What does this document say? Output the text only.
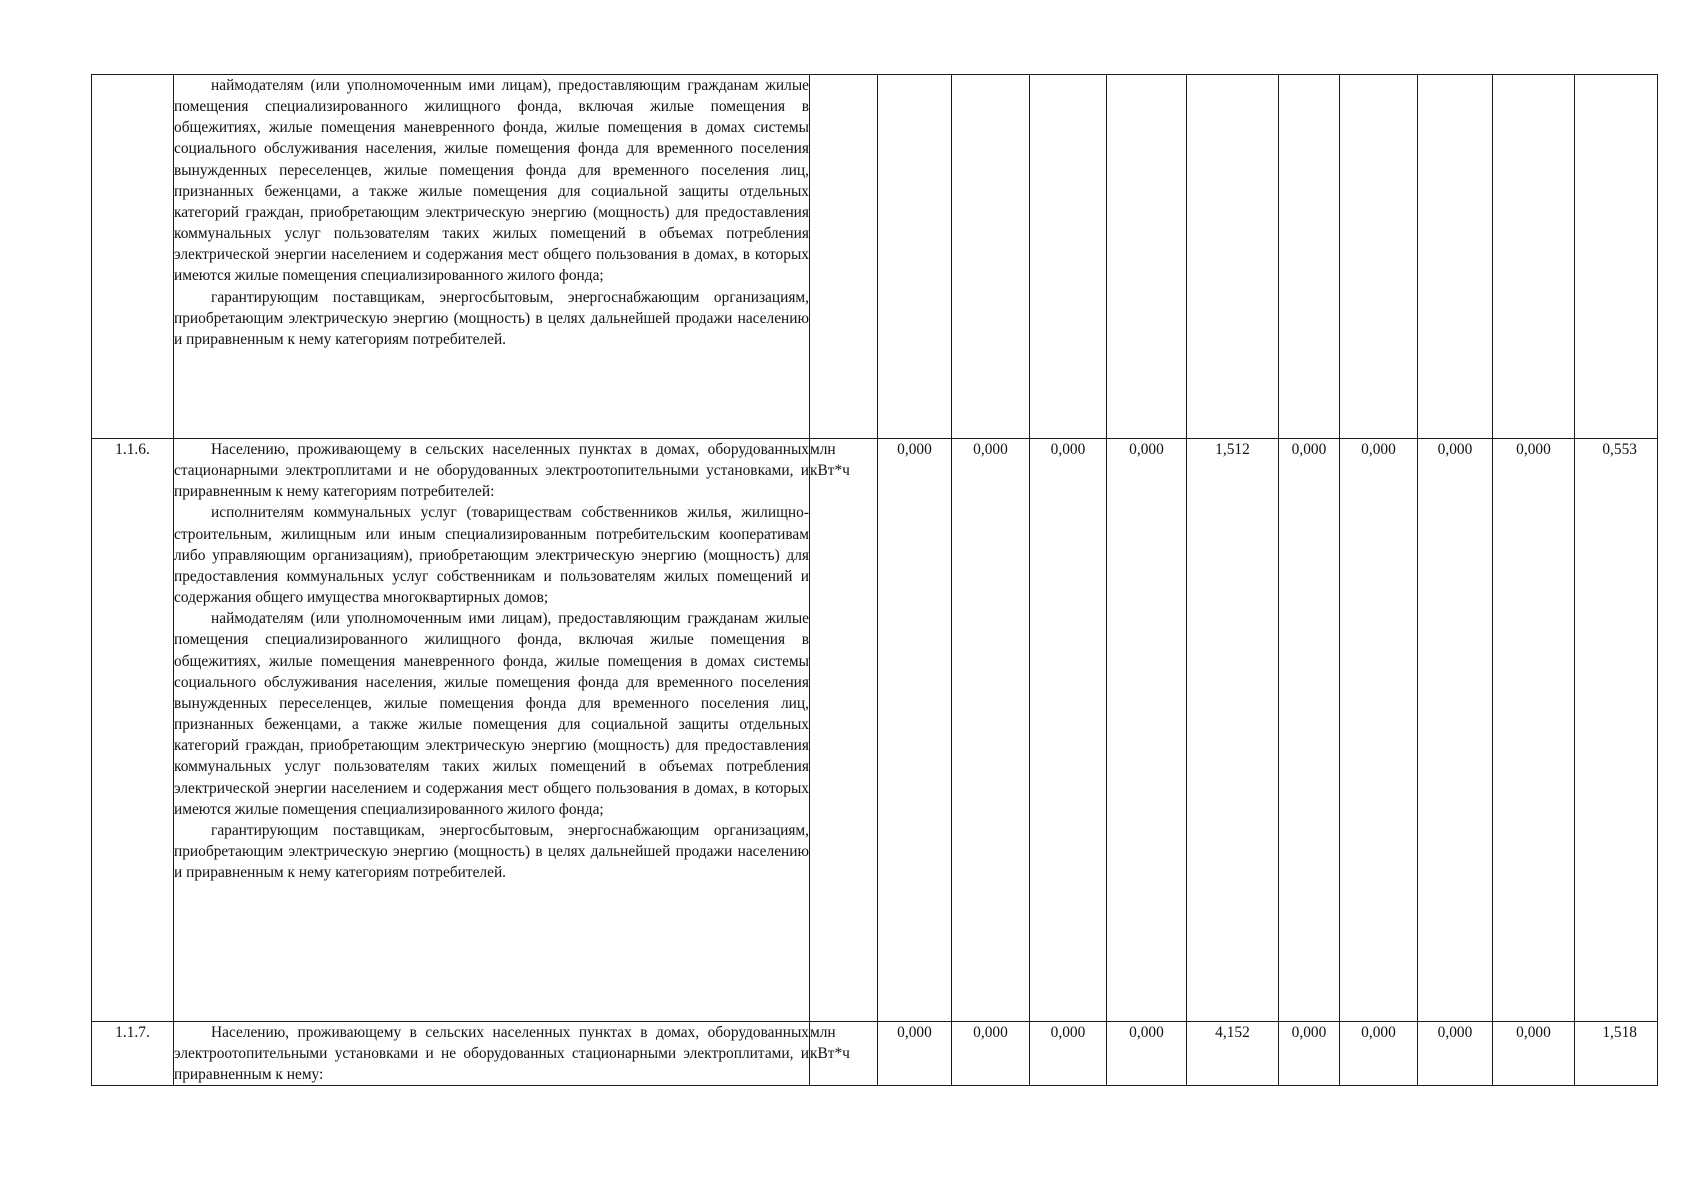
	наймодателям (или уполномоченным ими лицам), предоставляющим гражданам жилые помещения специализированного жилищного фонда, включая жилые помещения в общежитиях, жилые помещения маневренного фонда, жилые помещения в домах системы социального обслуживания населения, жилые помещения фонда для временного поселения вынужденных переселенцев, жилые помещения фонда для временного поселения лиц, признанных беженцами, а также жилые помещения для социальной защиты отдельных категорий граждан, приобретающим электрическую энергию (мощность) для предоставления коммунальных услуг пользователям таких жилых помещений в объемах потребления электрической энергии населением и содержания мест общего пользования в домах, в которых имеются жилые помещения специализированного жилого фонда;

гарантирующим поставщикам, энергосбытовым, энергоснабжающим организациям, приобретающим электрическую энергию (мощность) в целях дальнейшей продажи населению и приравненным к нему категориям потребителей.											

1.1.6.	Населению, проживающему в сельских населенных пунктах в домах, оборудованных стационарными электроплитами и не оборудованных электроотопительными установками, и приравненным к нему категориям потребителей:

исполнителям коммунальных услуг (товариществам собственников жилья, жилищно-строительным, жилищным или иным специализированным потребительским кооперативам либо управляющим организациям), приобретающим электрическую энергию (мощность) для предоставления коммунальных услуг собственникам и пользователям жилых помещений и содержания общего имущества многоквартирных домов;

наймодателям (или уполномоченным ими лицам), предоставляющим гражданам жилые помещения специализированного жилищного фонда, включая жилые помещения в общежитиях, жилые помещения маневренного фонда, жилые помещения в домах системы социального обслуживания населения, жилые помещения фонда для временного поселения вынужденных переселенцев, жилые помещения фонда для временного поселения лиц, признанных беженцами, а также жилые помещения для социальной защиты отдельных категорий граждан, приобретающим электрическую энергию (мощность) для предоставления коммунальных услуг пользователям таких жилых помещений в объемах потребления электрической энергии населением и содержания мест общего пользования в домах, в которых имеются жилые помещения специализированного жилого фонда;

гарантирующим поставщикам, энергосбытовым, энергоснабжающим организациям, приобретающим электрическую энергию (мощность) в целях дальнейшей продажи населению и приравненным к нему категориям потребителей.	млн кВт*ч	0,000	0,000	0,000	0,000	1,512	0,000	0,000	0,000	0,000	0,553
1.1.7.	Населению, проживающему в сельских населенных пунктах в домах, оборудованных электроотопительными установками и не оборудованных стационарными электроплитами, и приравненным к нему:	млн кВт*ч	0,000	0,000	0,000	0,000	4,152	0,000	0,000	0,000	0,000	1,518
